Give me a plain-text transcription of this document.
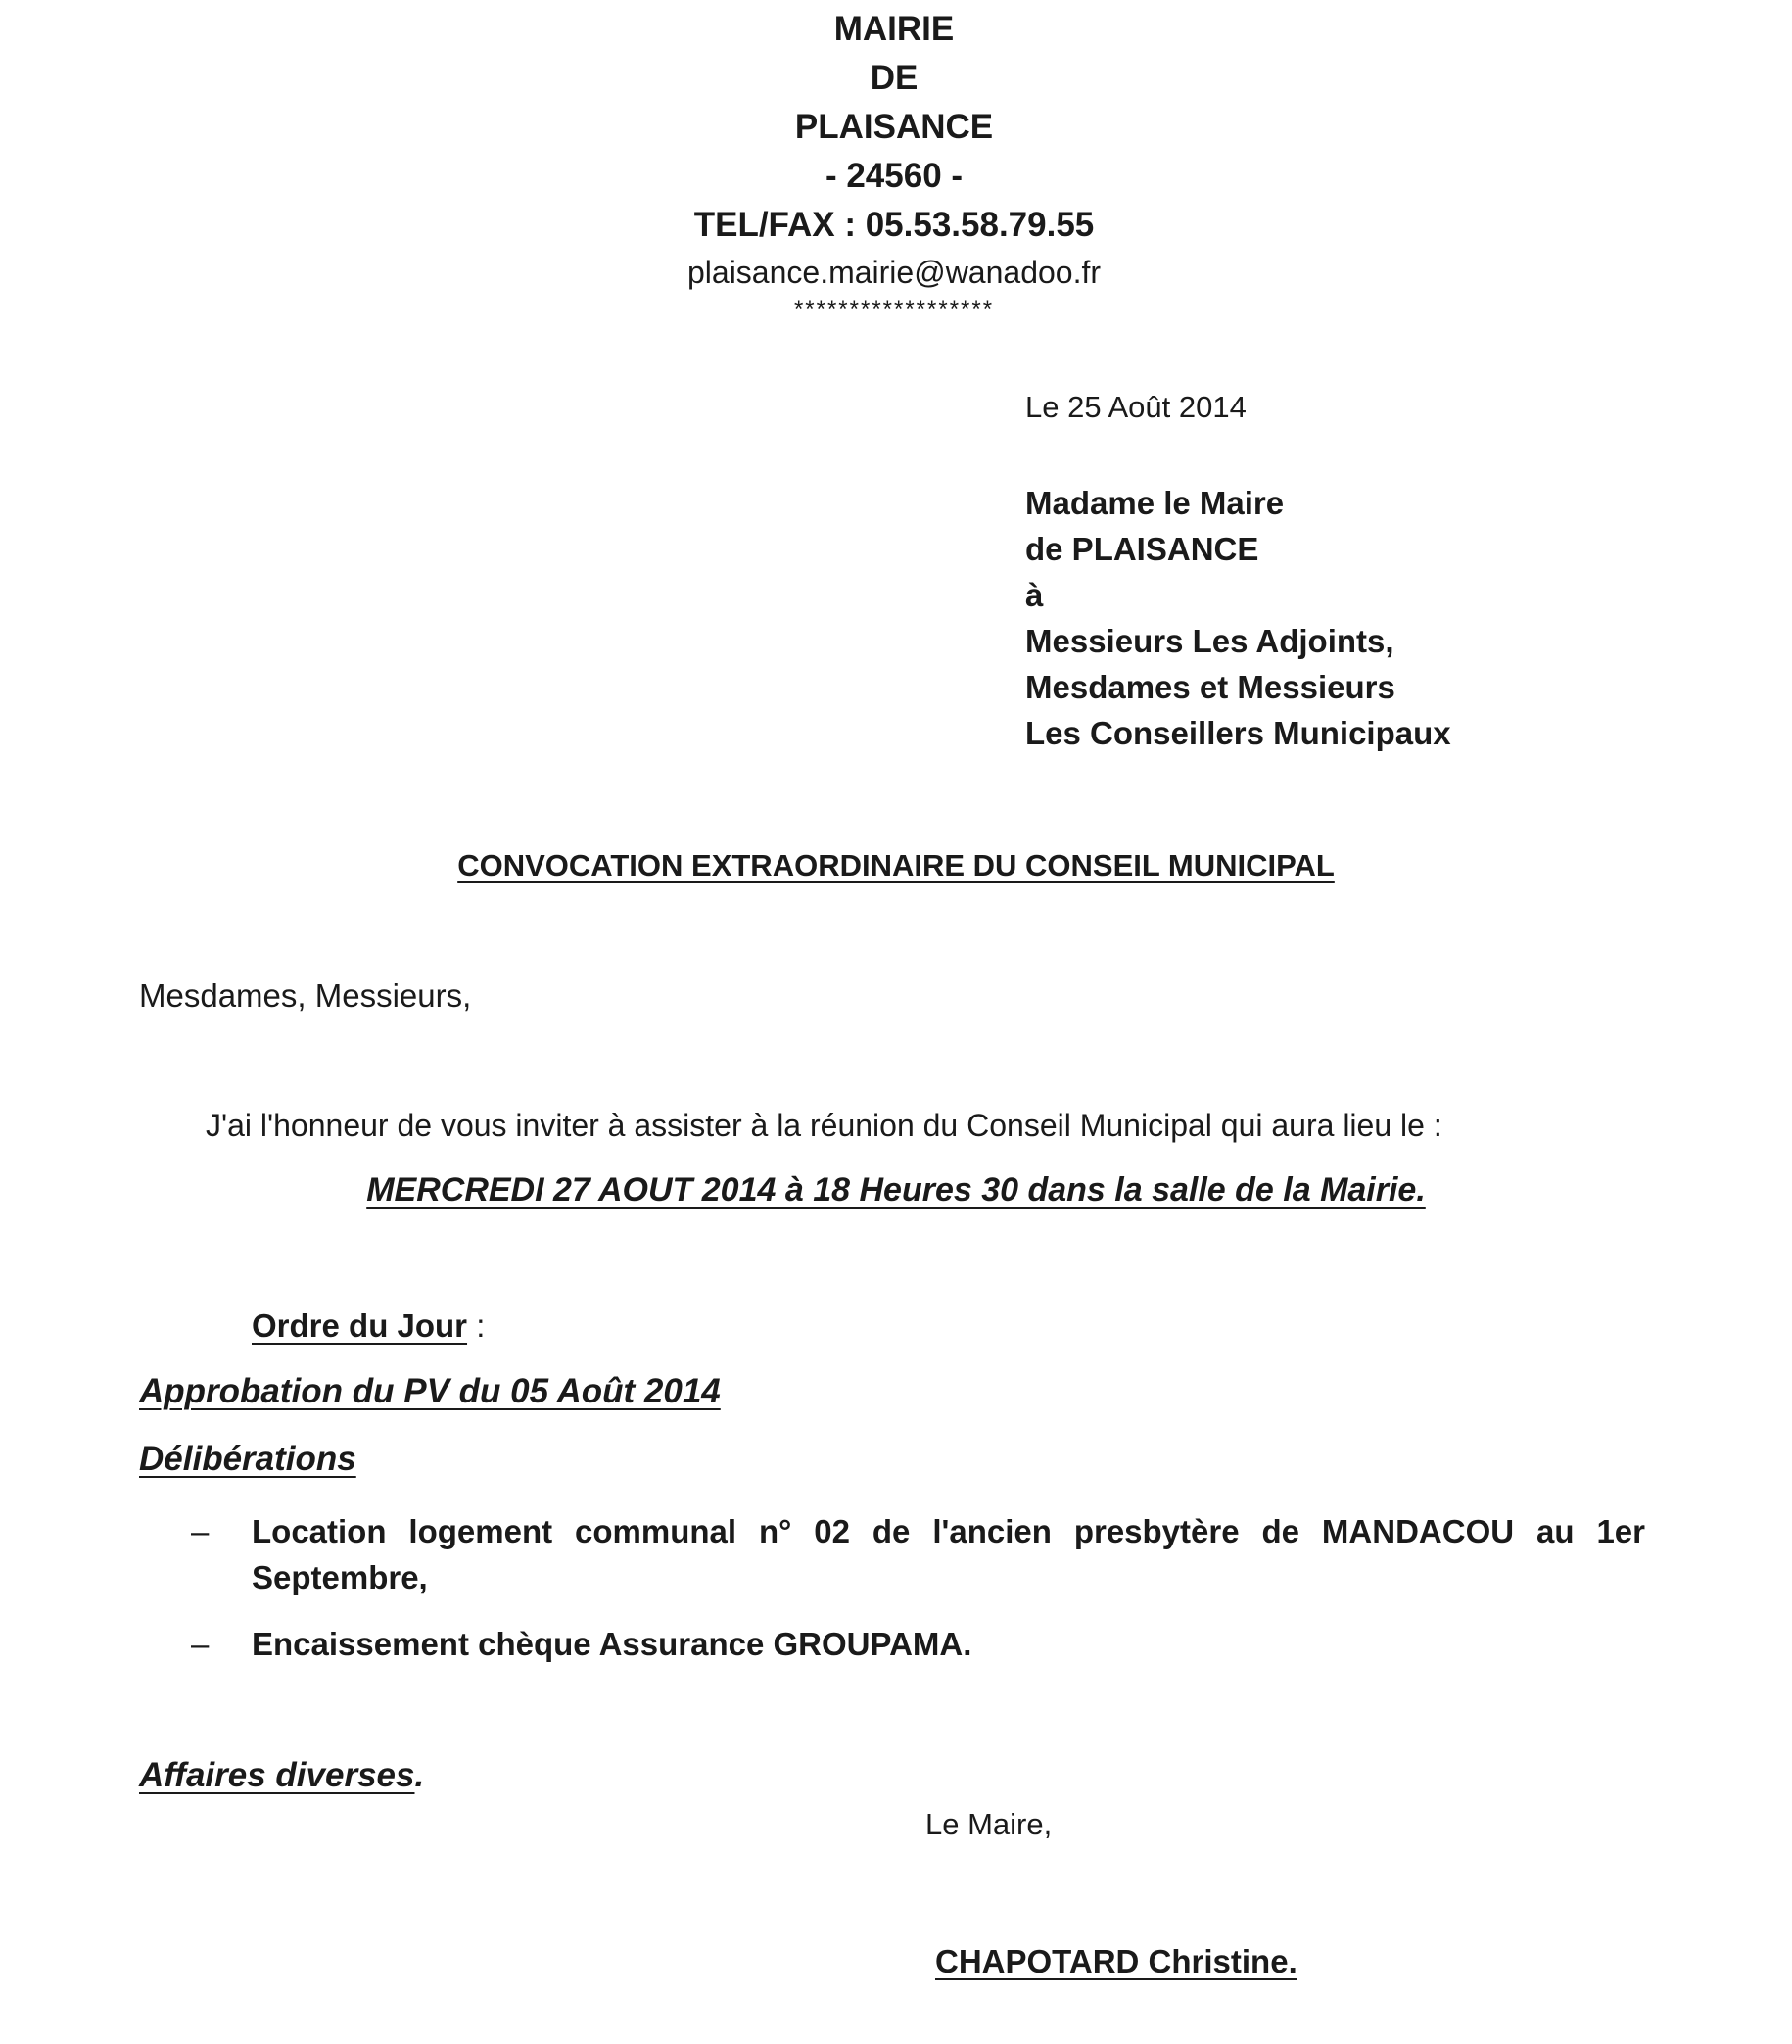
MAIRIE
DE
PLAISANCE
- 24560 -
TEL/FAX : 05.53.58.79.55
plaisance.mairie@wanadoo.fr
******************
Le 25 Août 2014
Madame le Maire
de PLAISANCE
à
Messieurs Les Adjoints,
Mesdames et Messieurs
Les Conseillers Municipaux
CONVOCATION EXTRAORDINAIRE DU CONSEIL MUNICIPAL
Mesdames, Messieurs,
J'ai l'honneur de vous inviter à assister à la réunion du Conseil Municipal qui aura lieu le :
MERCREDI 27 AOUT 2014 à 18 Heures 30 dans la salle de la Mairie.
Ordre du Jour :
Approbation du PV du 05 Août 2014
Délibérations
–	Location logement communal n° 02 de l'ancien presbytère de MANDACOU au 1er
Septembre,
–	Encaissement chèque Assurance GROUPAMA.
Affaires diverses.
Le Maire,
CHAPOTARD Christine.
